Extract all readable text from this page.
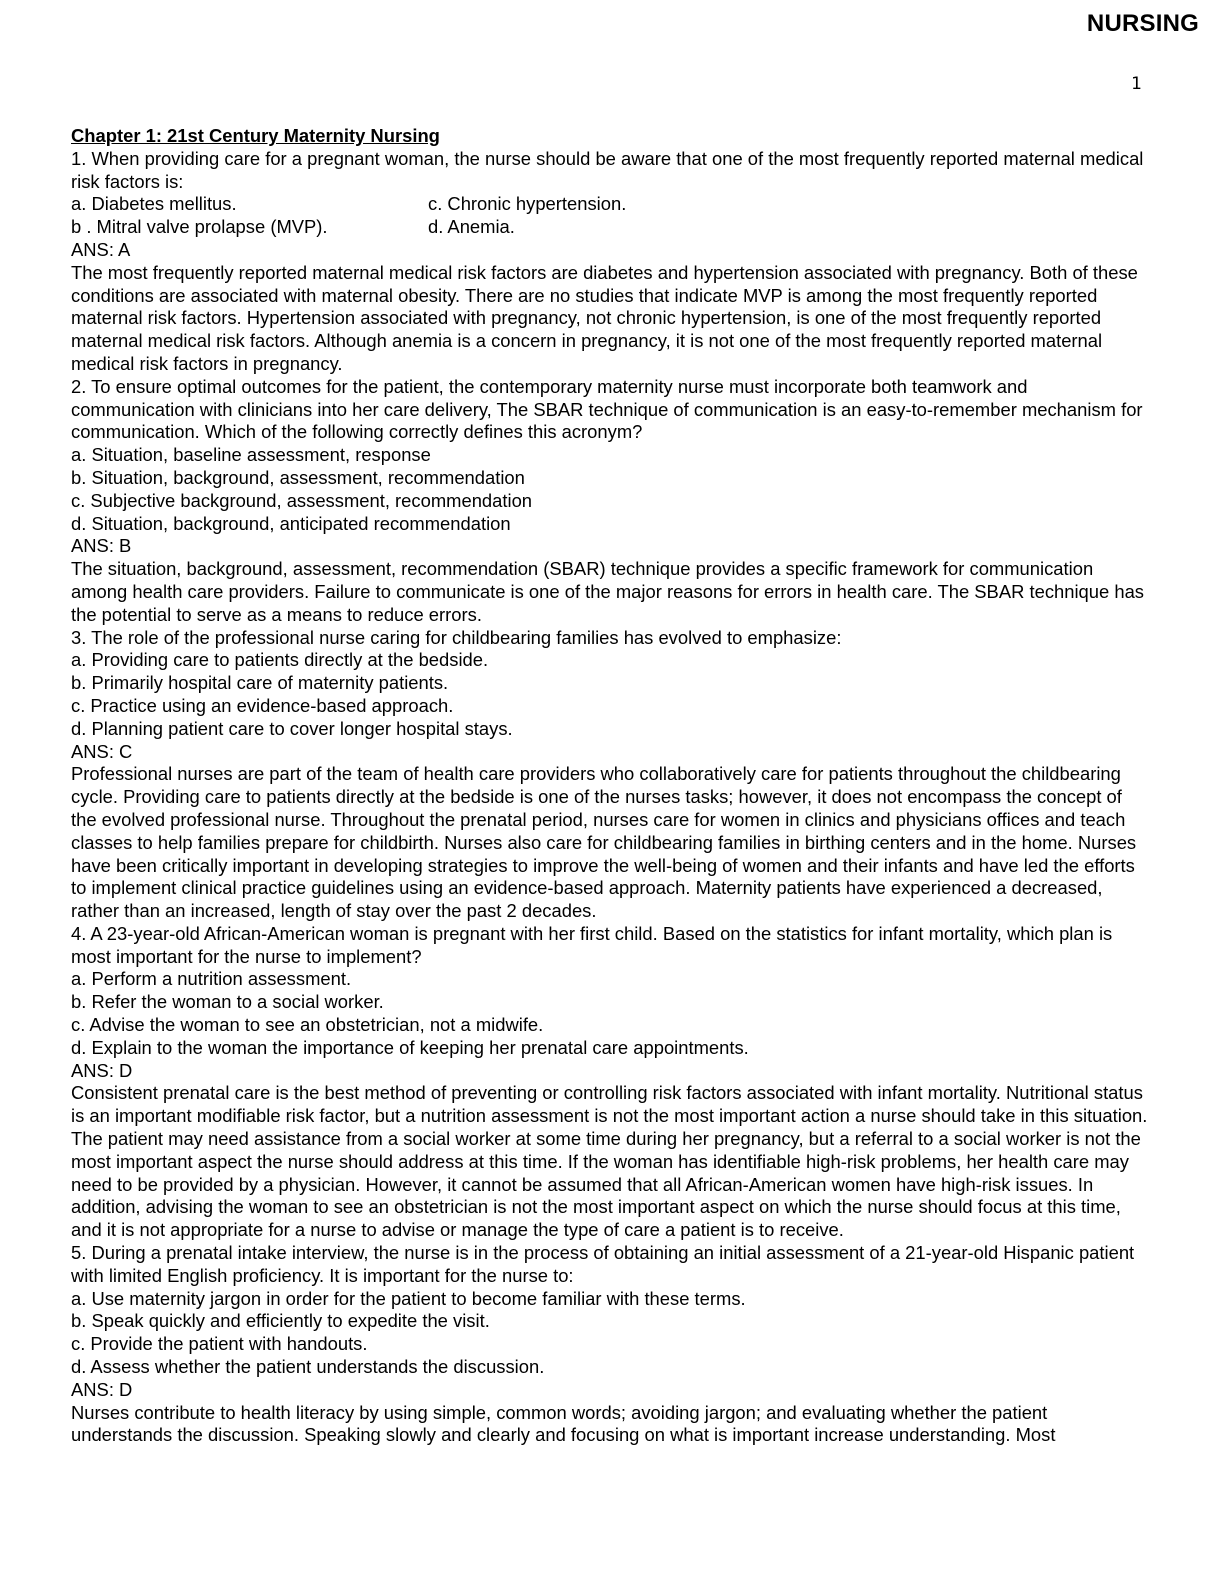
NURSING
1

Chapter 1: 21st Century Maternity Nursing

1. When providing care for a pregnant woman, the nurse should be aware that one of the most frequently reported maternal medical risk factors is:

a. Diabetes mellitus.	c. Chronic hypertension.
b . Mitral valve prolapse (MVP).	d. Anemia.

ANS: A

The most frequently reported maternal medical risk factors are diabetes and hypertension associated with pregnancy. Both of these conditions are associated with maternal obesity. There are no studies that indicate MVP is among the most frequently reported maternal risk factors. Hypertension associated with pregnancy, not chronic hypertension, is one of the most frequently reported maternal medical risk factors. Although anemia is a concern in pregnancy, it is not one of the most frequently reported maternal medical risk factors in pregnancy.

2. To ensure optimal outcomes for the patient, the contemporary maternity nurse must incorporate both teamwork and communication with clinicians into her care delivery, The SBAR technique of communication is an easy-to-remember mechanism for communication. Which of the following correctly defines this acronym?

a. Situation, baseline assessment, response

b. Situation, background, assessment, recommendation

c. Subjective background, assessment, recommendation

d. Situation, background, anticipated recommendation

ANS: B

The situation, background, assessment, recommendation (SBAR) technique provides a specific framework for communication among health care providers. Failure to communicate is one of the major reasons for errors in health care. The SBAR technique has the potential to serve as a means to reduce errors.

3. The role of the professional nurse caring for childbearing families has evolved to emphasize:

a. Providing care to patients directly at the bedside.

b. Primarily hospital care of maternity patients.

c. Practice using an evidence-based approach.

d. Planning patient care to cover longer hospital stays.

ANS: C

Professional nurses are part of the team of health care providers who collaboratively care for patients throughout the childbearing cycle. Providing care to patients directly at the bedside is one of the nurses tasks; however, it does not encompass the concept of the evolved professional nurse. Throughout the prenatal period, nurses care for women in clinics and physicians offices and teach classes to help families prepare for childbirth. Nurses also care for childbearing families in birthing centers and in the home. Nurses have been critically important in developing strategies to improve the well-being of women and their infants and have led the efforts to implement clinical practice guidelines using an evidence-based approach. Maternity patients have experienced a decreased, rather than an increased, length of stay over the past 2 decades.

4. A 23-year-old African-American woman is pregnant with her first child. Based on the statistics for infant mortality, which plan is most important for the nurse to implement?

a. Perform a nutrition assessment.

b. Refer the woman to a social worker.

c. Advise the woman to see an obstetrician, not a midwife.

d. Explain to the woman the importance of keeping her prenatal care appointments.

ANS: D

Consistent prenatal care is the best method of preventing or controlling risk factors associated with infant mortality. Nutritional status is an important modifiable risk factor, but a nutrition assessment is not the most important action a nurse should take in this situation. The patient may need assistance from a social worker at some time during her pregnancy, but a referral to a social worker is not the most important aspect the nurse should address at this time. If the woman has identifiable high-risk problems, her health care may need to be provided by a physician. However, it cannot be assumed that all African-American women have high-risk issues. In addition, advising the woman to see an obstetrician is not the most important aspect on which the nurse should focus at this time, and it is not appropriate for a nurse to advise or manage the type of care a patient is to receive.

5. During a prenatal intake interview, the nurse is in the process of obtaining an initial assessment of a 21-year-old Hispanic patient with limited English proficiency. It is important for the nurse to:

a. Use maternity jargon in order for the patient to become familiar with these terms.

b. Speak quickly and efficiently to expedite the visit.

c. Provide the patient with handouts.

d. Assess whether the patient understands the discussion.

ANS: D

Nurses contribute to health literacy by using simple, common words; avoiding jargon; and evaluating whether the patient understands the discussion. Speaking slowly and clearly and focusing on what is important increase understanding. Most
